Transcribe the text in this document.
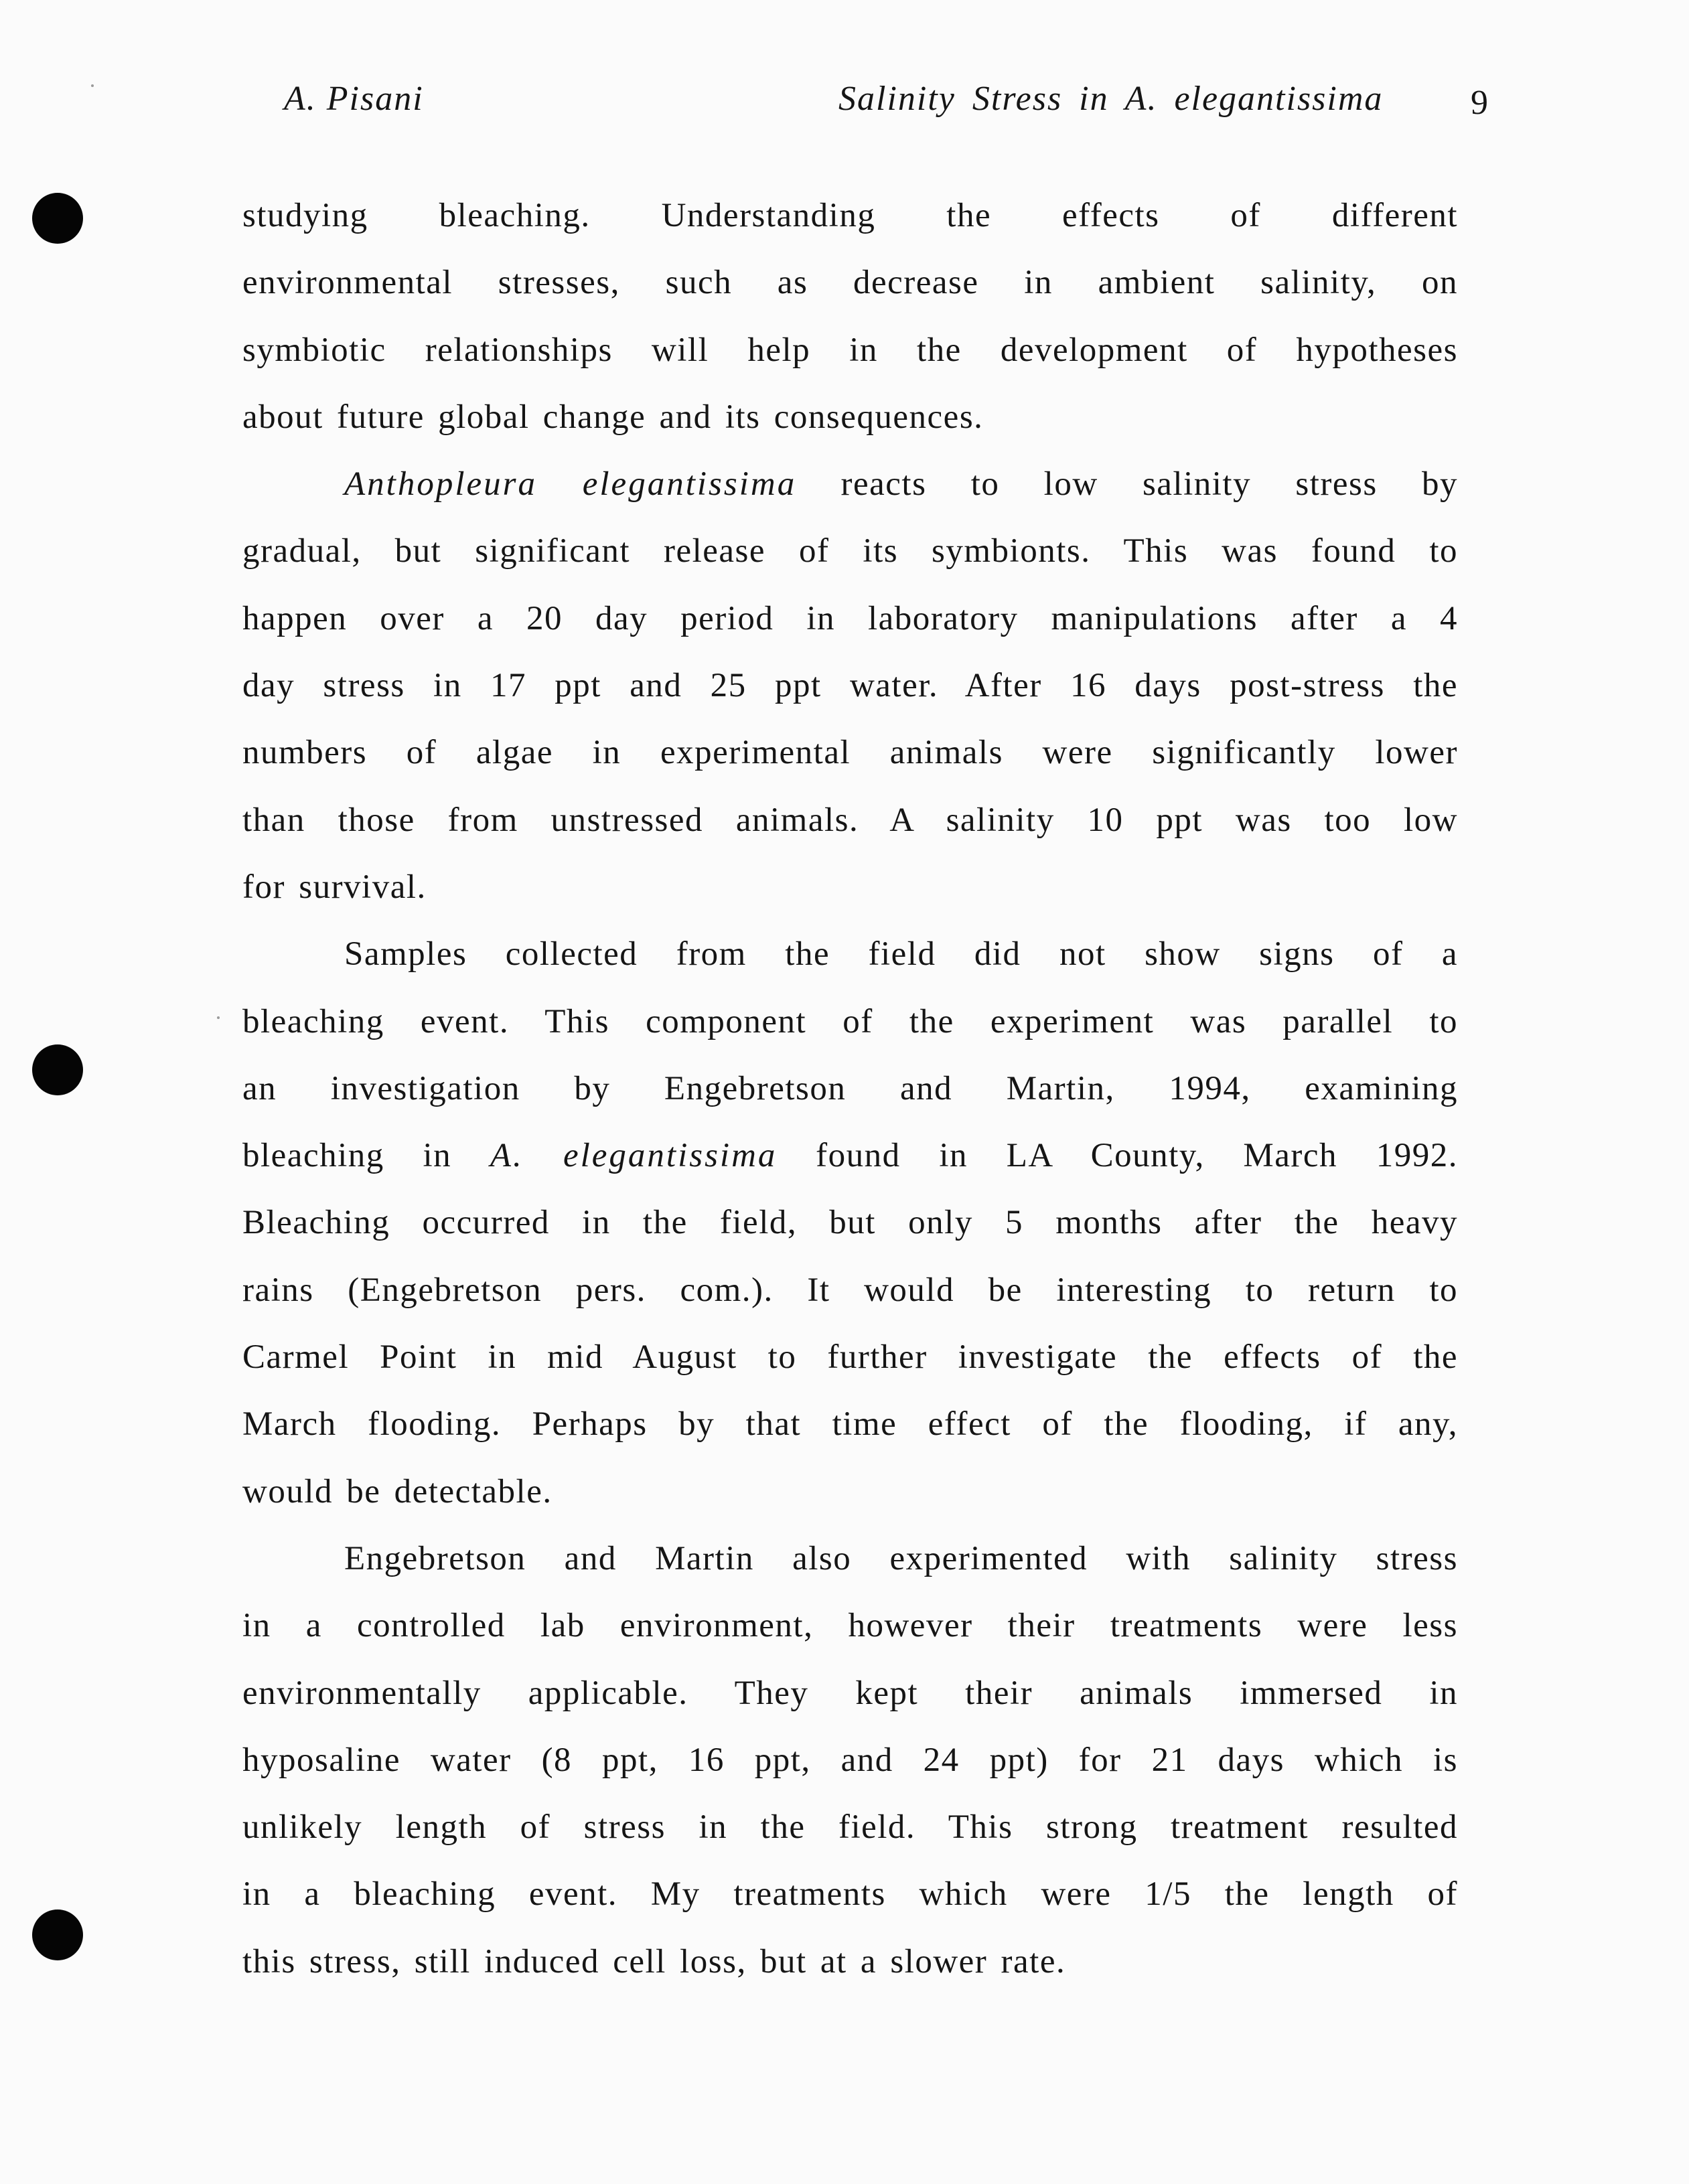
A. Pisani	Salinity Stress in A. elegantissima	9

studying bleaching. Understanding the effects of different

environmental stresses, such as decrease in ambient salinity, on

symbiotic relationships will help in the development of hypotheses

about future global change and its consequences.

Anthopleura elegantissima reacts to low salinity stress by

gradual, but significant release of its symbionts. This was found to

happen over a 20 day period in laboratory manipulations after a 4

day stress in 17 ppt and 25 ppt water. After 16 days post-stress the

numbers of algae in experimental animals were significantly lower

than those from unstressed animals. A salinity 10 ppt was too low

for survival.

Samples collected from the field did not show signs of a

bleaching event. This component of the experiment was parallel to

an investigation by Engebretson and Martin, 1994, examining

bleaching in A. elegantissima found in LA County, March 1992.

Bleaching occurred in the field, but only 5 months after the heavy

rains (Engebretson pers. com.). It would be interesting to return to

Carmel Point in mid August to further investigate the effects of the

March flooding. Perhaps by that time effect of the flooding, if any,

would be detectable.

Engebretson and Martin also experimented with salinity stress

in a controlled lab environment, however their treatments were less

environmentally applicable. They kept their animals immersed in

hyposaline water (8 ppt, 16 ppt, and 24 ppt) for 21 days which is

unlikely length of stress in the field. This strong treatment resulted

in a bleaching event. My treatments which were 1/5 the length of

this stress, still induced cell loss, but at a slower rate.
